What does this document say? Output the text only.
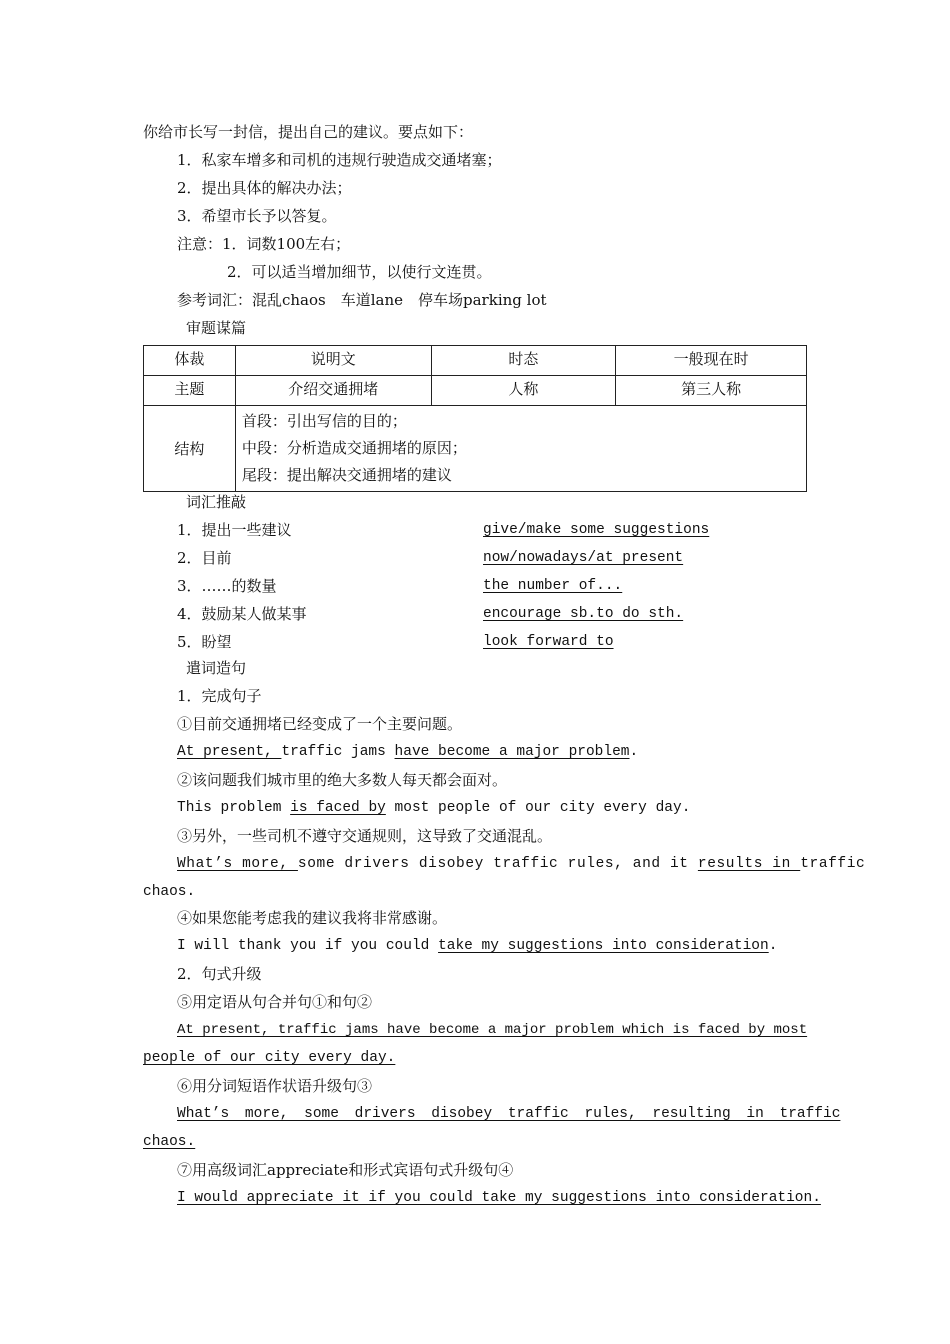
你给市长写一封信，提出自己的建议。要点如下：
1．私家车增多和司机的违规行驶造成交通堵塞；
2．提出具体的解决办法；
3．希望市长予以答复。
注意：1．词数100左右；
2．可以适当增加细节，以使行文连贯。
参考词汇：混乱chaos　车道lane　停车场parking lot
审题谋篇
体裁	说明文	时态	一般现在时
主题	介绍交通拥堵	人称	第三人称
结构	首段：引出写信的目的；
中段：分析造成交通拥堵的原因；
尾段：提出解决交通拥堵的建议		
词汇推敲
1．提出一些建议	give/make some suggestions
2．目前	now/nowadays/at present
3．……的数量	the number of...
4．鼓励某人做某事	encourage sb.to do sth.
5．盼望	look forward to
遣词造句
1．完成句子
①目前交通拥堵已经变成了一个主要问题。
At present, traffic jams have become a major problem.
②该问题我们城市里的绝大多数人每天都会面对。
This problem is faced by most people of our city every day.
③另外，一些司机不遵守交通规则，这导致了交通混乱。
What’s more, some drivers disobey traffic rules, and it results in traffic
chaos.
④如果您能考虑我的建议我将非常感谢。
I will thank you if you could take my suggestions into consideration.
2．句式升级
⑤用定语从句合并句①和句②
At present, traffic jams have become a major problem which is faced by most
people of our city every day.
⑥用分词短语作状语升级句③
What’s more, some drivers disobey traffic rules, resulting in traffic
chaos.
⑦用高级词汇appreciate和形式宾语句式升级句④
I would appreciate it if you could take my suggestions into consideration.
